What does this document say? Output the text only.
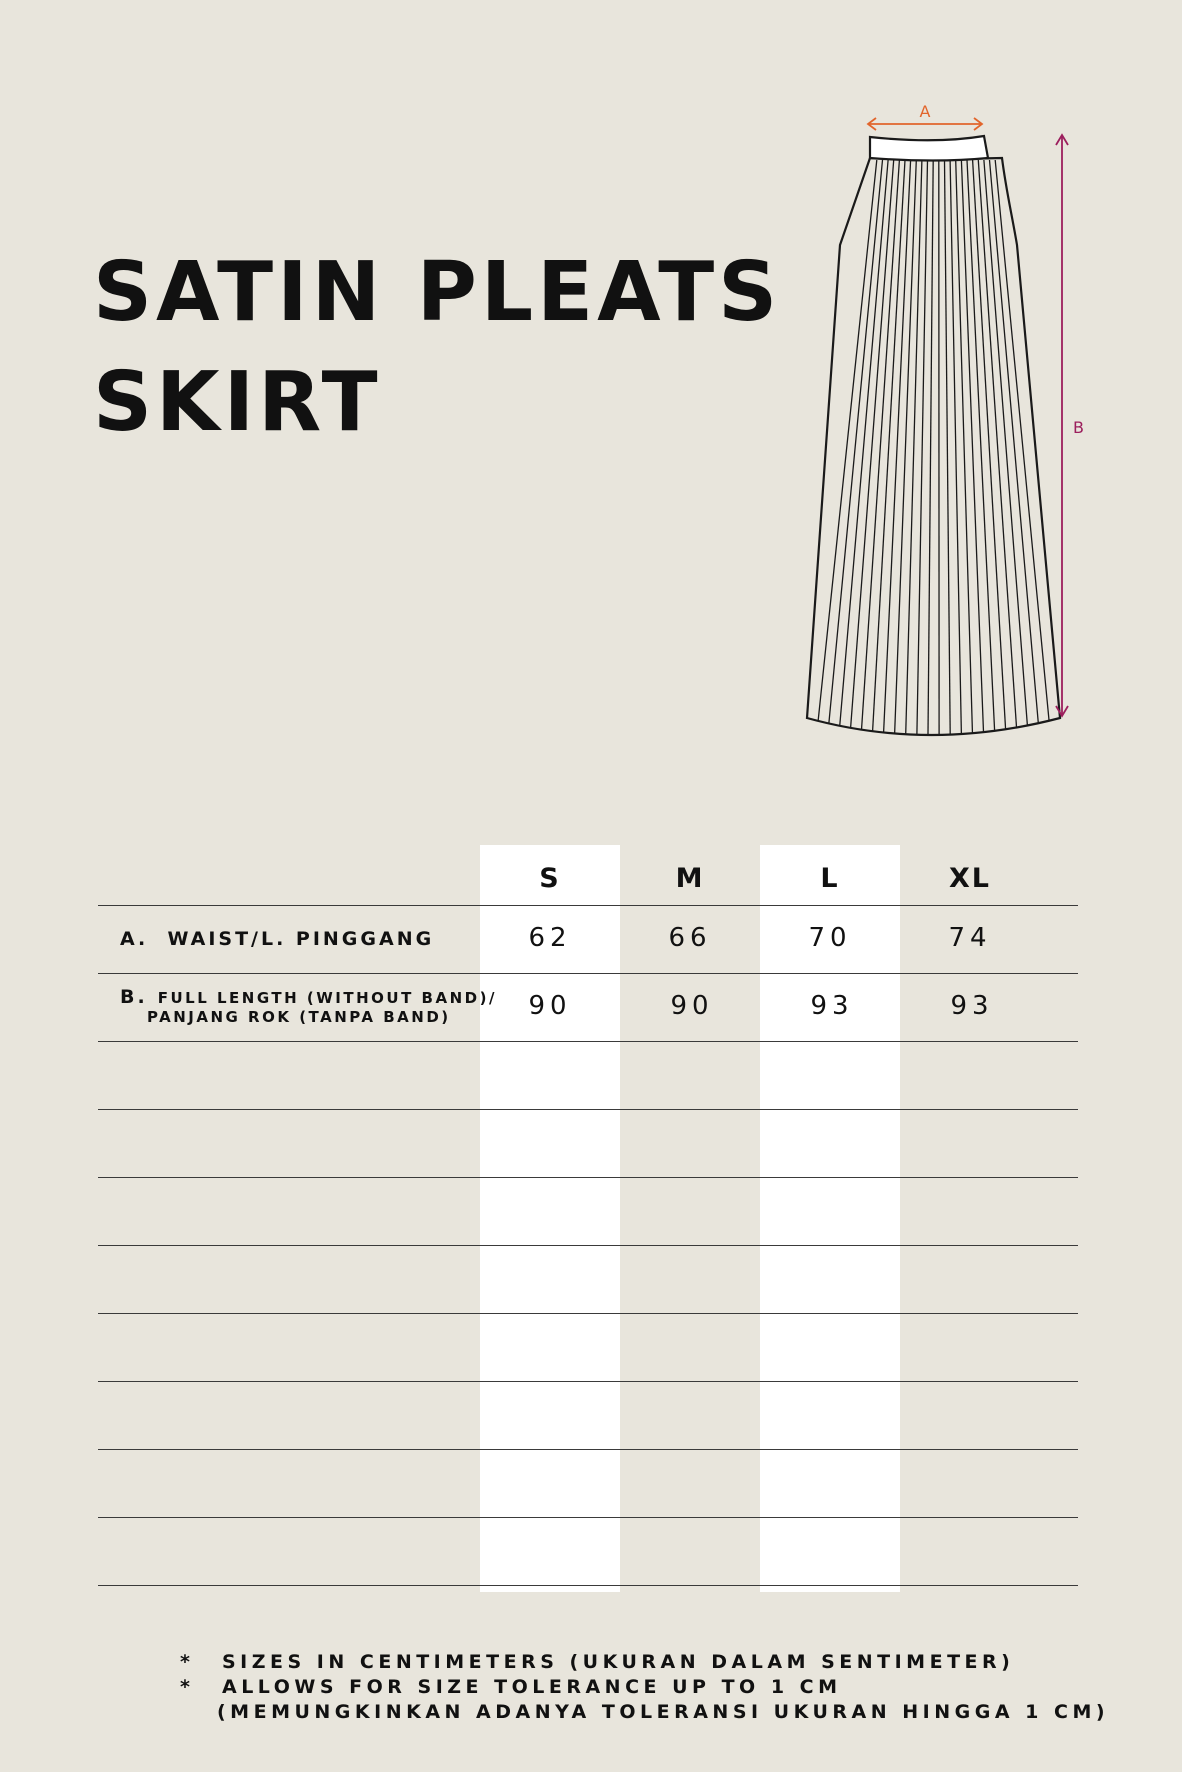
SATIN PLEATS
SKIRT
A
B
S	M	L	XL
A.  WAIST/L. PINGGANG	62	66	70	74
B. FULL LENGTH (WITHOUT BAND)/
PANJANG ROK (TANPA BAND)	90	90	93	93
* SIZES IN CENTIMETERS (UKURAN DALAM SENTIMETER)
* ALLOWS FOR SIZE TOLERANCE UP TO 1 CM
(MEMUNGKINKAN ADANYA TOLERANSI UKURAN HINGGA 1 CM)
